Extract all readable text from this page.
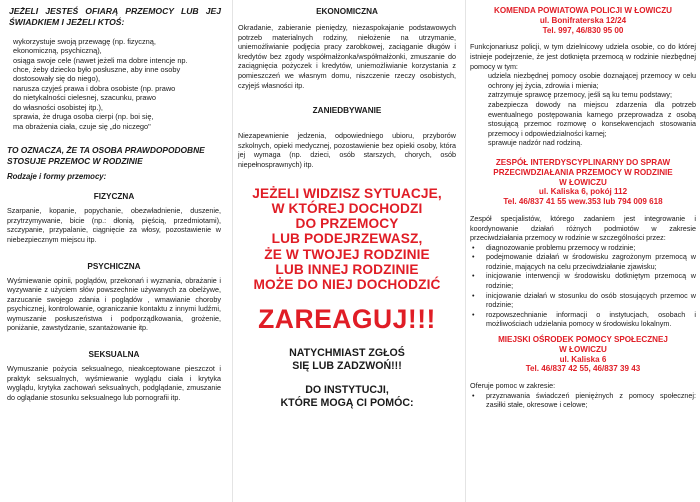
JEŻELI JESTEŚ OFIARĄ PRZEMOCY LUB JEJ ŚWIADKIEM I JEŻELI KTOŚ:
wykorzystuje swoją przewagę (np. fizyczną,
ekonomiczną, psychiczną),
osiąga swoje cele (nawet jeżeli ma dobre intencje np.
chce, żeby dziecko było posłuszne, aby inne osoby
dostosowały się do niego),
narusza czyjeś prawa i dobra osobiste (np. prawo
do nietykalności cielesnej, szacunku, prawo
do własności osobistej itp.),
sprawia, że druga osoba cierpi (np. boi się,
ma obrażenia ciała, czuje się „do niczego"
TO OZNACZA, ŻE TA OSOBA PRAWDOPODOBNE STOSUJE PRZEMOC W RODZINIE
Rodzaje i formy przemocy:
FIZYCZNA
Szarpanie, kopanie, popychanie, obezwładnienie, duszenie, przytrzymywanie, bicie (np.: dłonią, pięścią, przedmiotami), szczypanie, przypalanie, ciągnięcie za włosy, pozostawienie w niebezpiecznym miejscu itp.
PSYCHICZNA
Wyśmiewanie opinii, poglądów, przekonań i wyznania, obrażanie i wyzywanie z użyciem słów powszechnie używanych za obelżywe, zarzucanie swojego zdania i poglądów , wmawianie choroby psychicznej, kontrolowanie, ograniczanie kontaktu z innymi ludźmi, wymuszanie posłuszeństwa i podporządkowania, grożenie, poniżanie, zawstydzanie, szantażowanie itp.
SEKSUALNA
Wymuszanie pożycia seksualnego, nieakceptowane pieszczot i praktyk seksualnych, wyśmiewanie wyglądu ciała i krytyka wyglądu, krytyka zachowań seksualnych, podglądanie, zmuszanie do oglądanie stosunku seksualnego lub pornografii itp.
EKONOMICZNA
Okradanie, zabieranie pieniędzy, niezaspokajanie podstawowych potrzeb materialnych rodziny, niełożenie na utrzymanie, uniemożliwianie podjęcia pracy zarobkowej, zaciąganie długów i kredytów bez zgody współmałżonka/współmałżonki, zmuszanie do zaciągnięcia pożyczek i kredytów, uniemożliwianie korzystania z pomieszczeń we własnym domu, niszczenie rzeczy osobistych, czyjejś własności itp.
ZANIEDBYWANIE
Niezapewnienie jedzenia, odpowiedniego ubioru, przyborów szkolnych, opieki medycznej, pozostawienie bez opieki osoby, która jej wymaga (np. dzieci, osób starszych, chorych, osób niepełnosprawnych) itp.
JEŻELI WIDZISZ SYTUACJE,
W KTÓREJ DOCHODZI
DO PRZEMOCY
LUB PODEJRZEWASZ,
ŻE W TWOJEJ RODZINIE
LUB INNEJ RODZINIE
MOŻE DO NIEJ DOCHODZIĆ
ZAREAGUJ!!!
NATYCHMIAST ZGŁOŚ
SIĘ LUB ZADZWOŃ!!!
DO INSTYTUCJI,
KTÓRE MOGĄ CI POMÓC:
KOMENDA POWIATOWA POLICJI W ŁOWICZU
ul. Bonifraterska 12/24
Tel. 997, 46/830 95 00
Funkcjonariusz policji, w tym dzielnicowy udziela osobie, co do której istnieje podejrzenie, że jest dotknięta przemocą w rodzinie niezbędnej pomocy w tym:
udziela niezbędnej pomocy osobie doznającej przemocy w celu ochrony jej życia, zdrowia i mienia;
zatrzymuje sprawcę przemocy, jeśli są ku temu podstawy;
zabezpiecza dowody na miejscu zdarzenia dla potrzeb ewentualnego postępowania karnego przeprowadza z osobą stosującą przemoc rozmowę o konsekwencjach stosowania przemocy i odpowiedzialności karnej;
sprawuje nadzór nad rodziną.
ZESPÓŁ INTERDYSCYPLINARNY DO SPRAW
PRZECIWDZIAŁANIA PRZEMOCY W RODZINIE
W ŁOWICZU
ul. Kaliska 6, pokój 112
Tel. 46/837 41 55 wew.353 lub 794 009 618
Zespół specjalistów, którego zadaniem jest integrowanie i koordynowanie działań różnych podmiotów w zakresie przeciwdziałania przemocy w rodzinie w szczególności przez:
• diagnozowanie problemu przemocy w rodzinie;
• podejmowanie działań w środowisku zagrożonym przemocą w rodzinie, mających na celu przeciwdziałanie zjawisku;
• inicjowanie interwencji w środowisku dotkniętym przemocą w rodzinie;
• inicjowanie działań w stosunku do osób stosujących przemoc w rodzinie;
• rozpowszechnianie informacji o instytucjach, osobach i możliwościach udzielania pomocy w środowisku lokalnym.
MIEJSKI OŚRODEK POMOCY SPOŁECZNEJ
W ŁOWICZU
ul. Kaliska 6
Tel. 46/837 42 55, 46/837 39 43
Oferuje pomoc w zakresie:
• przyznawania świadczeń pieniężnych z pomocy społecznej: zasiłki stałe, okresowe i celowe;
